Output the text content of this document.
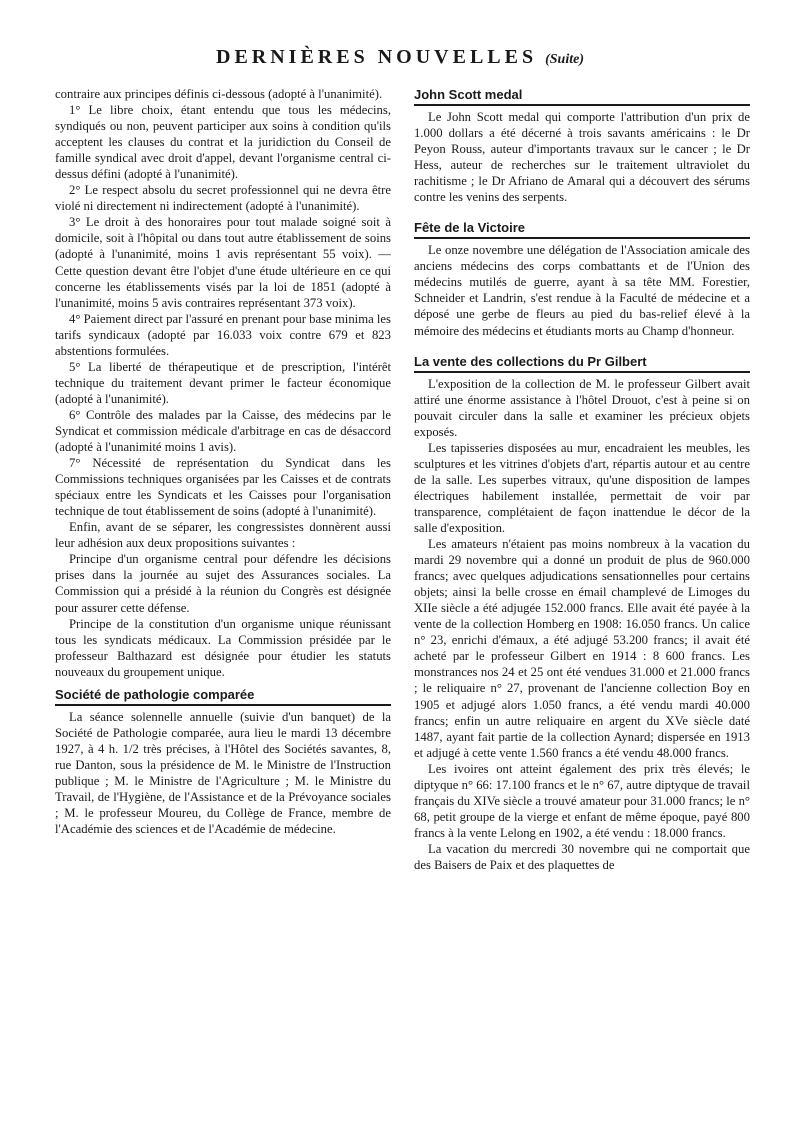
DERNIÈRES NOUVELLES (Suite)

contraire aux principes définis ci-dessous (adopté à l'unanimité).

1° Le libre choix, étant entendu que tous les médecins, syndiqués ou non, peuvent participer aux soins à condition qu'ils acceptent les clauses du contrat et la juridiction du Conseil de famille syndical avec droit d'appel, devant l'organisme central ci-dessus défini (adopté à l'unanimité).

2° Le respect absolu du secret professionnel qui ne devra être violé ni directement ni indirectement (adopté à l'unanimité).

3° Le droit à des honoraires pour tout malade soigné soit à domicile, soit à l'hôpital ou dans tout autre établissement de soins (adopté à l'unanimité, moins 1 avis représentant 55 voix). — Cette question devant être l'objet d'une étude ultérieure en ce qui concerne les établissements visés par la loi de 1851 (adopté à l'unanimité, moins 5 avis contraires représentant 373 voix).

4° Paiement direct par l'assuré en prenant pour base minima les tarifs syndicaux (adopté par 16.033 voix contre 679 et 823 abstentions formulées.

5° La liberté de thérapeutique et de prescription, l'intérêt technique du traitement devant primer le facteur économique (adopté à l'unanimité).

6° Contrôle des malades par la Caisse, des médecins par le Syndicat et commission médicale d'arbitrage en cas de désaccord (adopté à l'unanimité moins 1 avis).

7° Nécessité de représentation du Syndicat dans les Commissions techniques organisées par les Caisses et de contrats spéciaux entre les Syndicats et les Caisses pour l'organisation technique de tout établissement de soins (adopté à l'unanimité).

Enfin, avant de se séparer, les congressistes donnèrent aussi leur adhésion aux deux propositions suivantes :

Principe d'un organisme central pour défendre les décisions prises dans la journée au sujet des Assurances sociales. La Commission qui a présidé à la réunion du Congrès est désignée pour assurer cette défense.

Principe de la constitution d'un organisme unique réunissant tous les syndicats médicaux. La Commission présidée par le professeur Balthazard est désignée pour étudier les statuts nouveaux du groupement unique.

Société de pathologie comparée

La séance solennelle annuelle (suivie d'un banquet) de la Société de Pathologie comparée, aura lieu le mardi 13 décembre 1927, à 4 h. 1/2 très précises, à l'Hôtel des Sociétés savantes, 8, rue Danton, sous la présidence de M. le Ministre de l'Instruction publique ; M. le Ministre de l'Agriculture ; M. le Ministre du Travail, de l'Hygiène, de l'Assistance et de la Prévoyance sociales ; M. le professeur Moureu, du Collège de France, membre de l'Académie des sciences et de l'Académie de médecine.

John Scott medal

Le John Scott medal qui comporte l'attribution d'un prix de 1.000 dollars a été décerné à trois savants américains : le Dr Peyon Rouss, auteur d'importants travaux sur le cancer ; le Dr Hess, auteur de recherches sur le traitement ultraviolet du rachitisme ; le Dr Afriano de Amaral qui a découvert des sérums contre les venins des serpents.

Fête de la Victoire

Le onze novembre une délégation de l'Association amicale des anciens médecins des corps combattants et de l'Union des médecins mutilés de guerre, ayant à sa tête MM. Forestier, Schneider et Landrin, s'est rendue à la Faculté de médecine et a déposé une gerbe de fleurs au pied du bas-relief élevé à la mémoire des médecins et étudiants morts au Champ d'honneur.

La vente des collections du Pr Gilbert

L'exposition de la collection de M. le professeur Gilbert avait attiré une énorme assistance à l'hôtel Drouot, c'est à peine si on pouvait circuler dans la salle et examiner les précieux objets exposés.

Les tapisseries disposées au mur, encadraient les meubles, les sculptures et les vitrines d'objets d'art, répartis autour et au centre de la salle. Les superbes vitraux, qu'une disposition de lampes électriques habilement installée, permettait de voir par transparence, complétaient de façon inattendue le décor de la salle d'exposition.

Les amateurs n'étaient pas moins nombreux à la vacation du mardi 29 novembre qui a donné un produit de plus de 960.000 francs; avec quelques adjudications sensationnelles pour certains objets; ainsi la belle crosse en émail champlevé de Limoges du XIIe siècle a été adjugée 152.000 francs. Elle avait été payée à la vente de la collection Homberg en 1908: 16.050 francs. Un calice n° 23, enrichi d'émaux, a été adjugé 53.200 francs; il avait été acheté par le professeur Gilbert en 1914 : 8 600 francs. Les monstrances nos 24 et 25 ont été vendues 31.000 et 21.000 francs ; le reliquaire n° 27, provenant de l'ancienne collection Boy en 1905 et adjugé alors 1.050 francs, a été vendu mardi 40.000 francs; enfin un autre reliquaire en argent du XVe siècle daté 1487, ayant fait partie de la collection Aynard; dispersée en 1913 et adjugé à cette vente 1.560 francs a été vendu 48.000 francs.

Les ivoires ont atteint également des prix très élevés; le diptyque n° 66: 17.100 francs et le n° 67, autre diptyque de travail français du XIVe siècle a trouvé amateur pour 31.000 francs; le n° 68, petit groupe de la vierge et enfant de même époque, payé 800 francs à la vente Lelong en 1902, a été vendu : 18.000 francs.

La vacation du mercredi 30 novembre qui ne comportait que des Baisers de Paix et des plaquettes de
